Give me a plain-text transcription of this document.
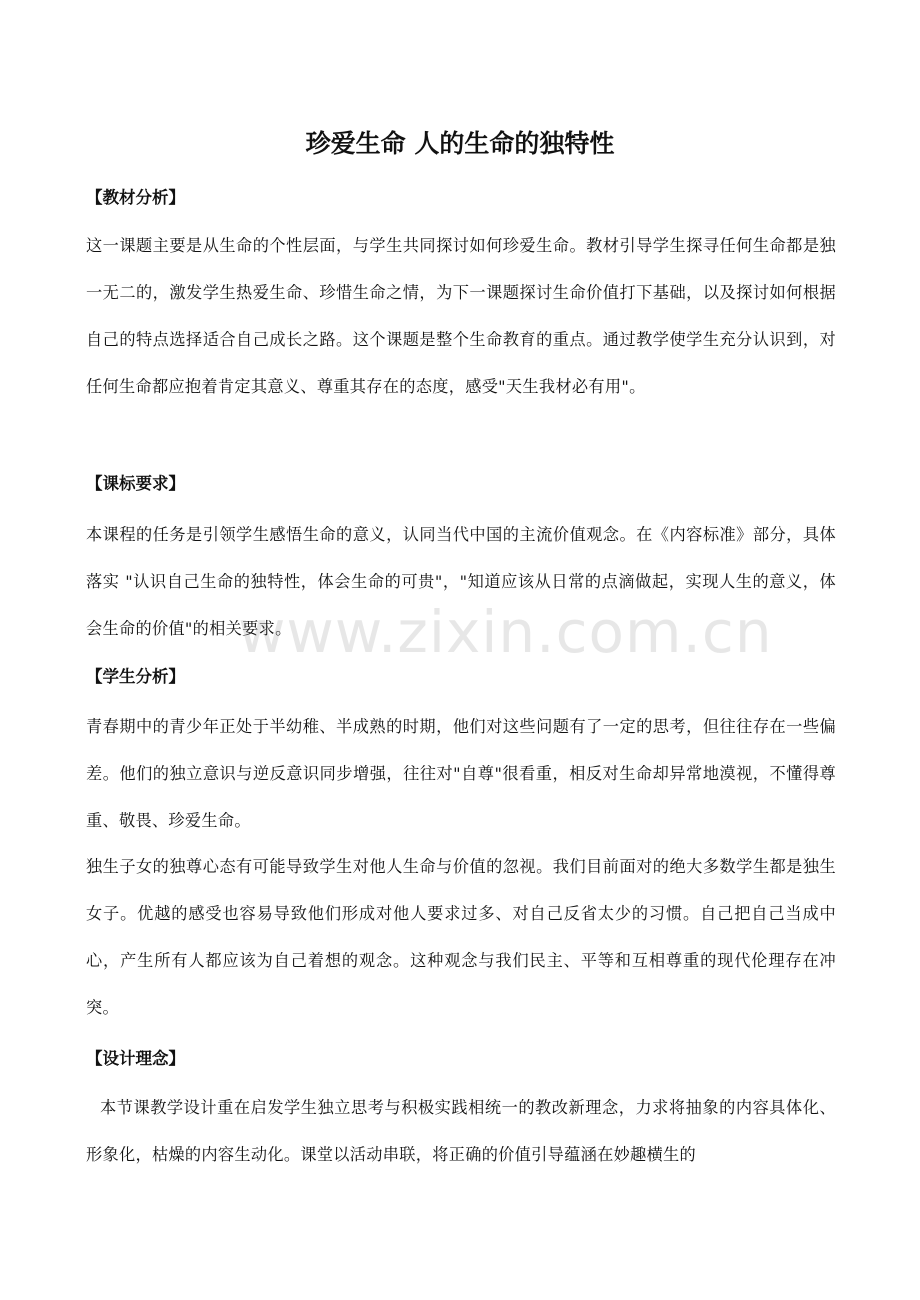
珍爱生命 人的生命的独特性
【教材分析】

这一课题主要是从生命的个性层面，与学生共同探讨如何珍爱生命。教材引导学生探寻任何生命都是独一无二的，激发学生热爱生命、珍惜生命之情，为下一课题探讨生命价值打下基础，以及探讨如何根据自己的特点选择适合自己成长之路。这个课题是整个生命教育的重点。通过教学使学生充分认识到，对任何生命都应抱着肯定其意义、尊重其存在的态度，感受"天生我材必有用"。

【课标要求】

本课程的任务是引领学生感悟生命的意义，认同当代中国的主流价值观念。在《内容标准》部分，具体落实 "认识自己生命的独特性，体会生命的可贵"，"知道应该从日常的点滴做起，实现人生的意义，体会生命的价值"的相关要求。

【学生分析】

青春期中的青少年正处于半幼稚、半成熟的时期，他们对这些问题有了一定的思考，但往往存在一些偏差。他们的独立意识与逆反意识同步增强，往往对"自尊"很看重，相反对生命却异常地漠视，不懂得尊重、敬畏、珍爱生命。

独生子女的独尊心态有可能导致学生对他人生命与价值的忽视。我们目前面对的绝大多数学生都是独生女子。优越的感受也容易导致他们形成对他人要求过多、对自己反省太少的习惯。自己把自己当成中心，产生所有人都应该为自己着想的观念。这种观念与我们民主、平等和互相尊重的现代伦理存在冲突。

【设计理念】

本节课教学设计重在启发学生独立思考与积极实践相统一的教改新理念，力求将抽象的内容具体化、形象化，枯燥的内容生动化。课堂以活动串联，将正确的价值引导蕴涵在妙趣横生的

www.zixin.com.cn
